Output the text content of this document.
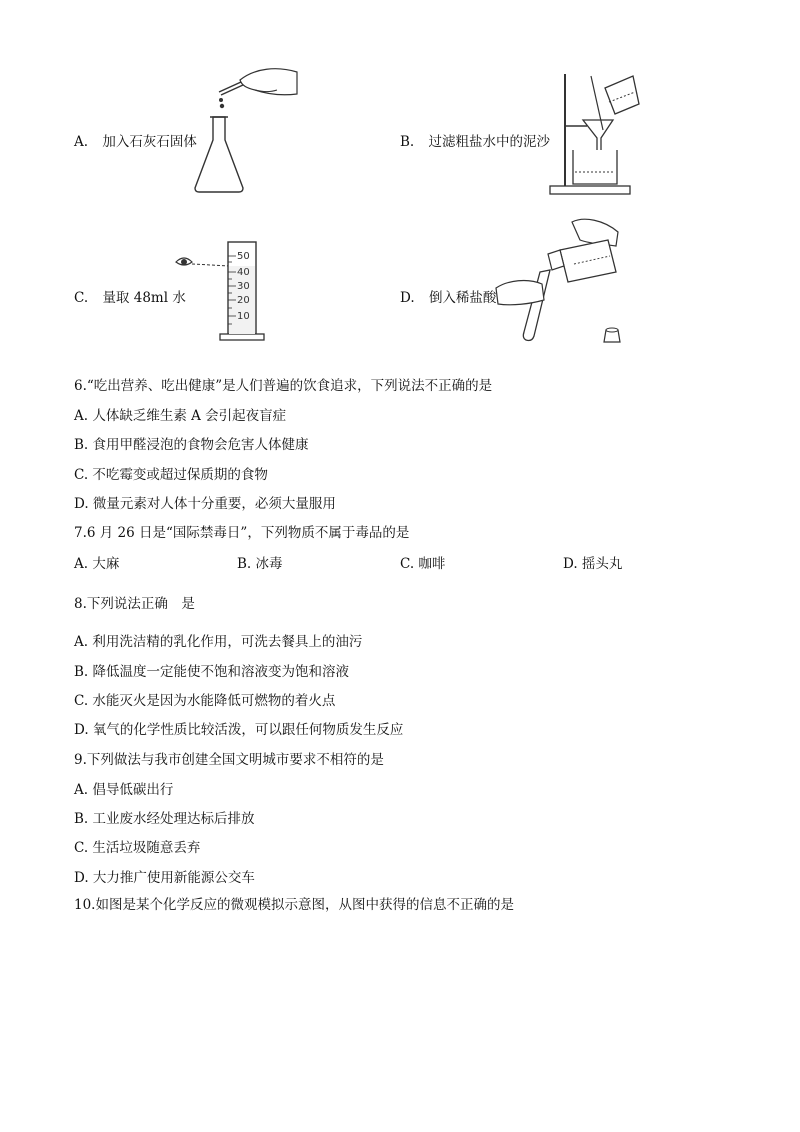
A. 加入石灰石固体	B. 过滤粗盐水中的泥沙
C. 量取 48ml 水
50
40
30
20
10
D. 倒入稀盐酸
6.“吃出营养、吃出健康”是人们普遍的饮食追求，下列说法不正确的是
A. 人体缺乏维生素 A 会引起夜盲症
B. 食用甲醛浸泡的食物会危害人体健康
C. 不吃霉变或超过保质期的食物
D. 微量元素对人体十分重要，必须大量服用
7.6 月 26 日是“国际禁毒日”，下列物质不属于毒品的是
A. 大麻	B. 冰毒	C. 咖啡	D. 摇头丸
8.下列说法正确　是
A. 利用洗洁精的乳化作用，可洗去餐具上的油污
B. 降低温度一定能使不饱和溶液变为饱和溶液
C. 水能灭火是因为水能降低可燃物的着火点
D. 氧气的化学性质比较活泼，可以跟任何物质发生反应
9.下列做法与我市创建全国文明城市要求不相符的是
A. 倡导低碳出行
B. 工业废水经处理达标后排放
C. 生活垃圾随意丢弃
D. 大力推广使用新能源公交车
10.如图是某个化学反应的微观模拟示意图，从图中获得的信息不正确的是
